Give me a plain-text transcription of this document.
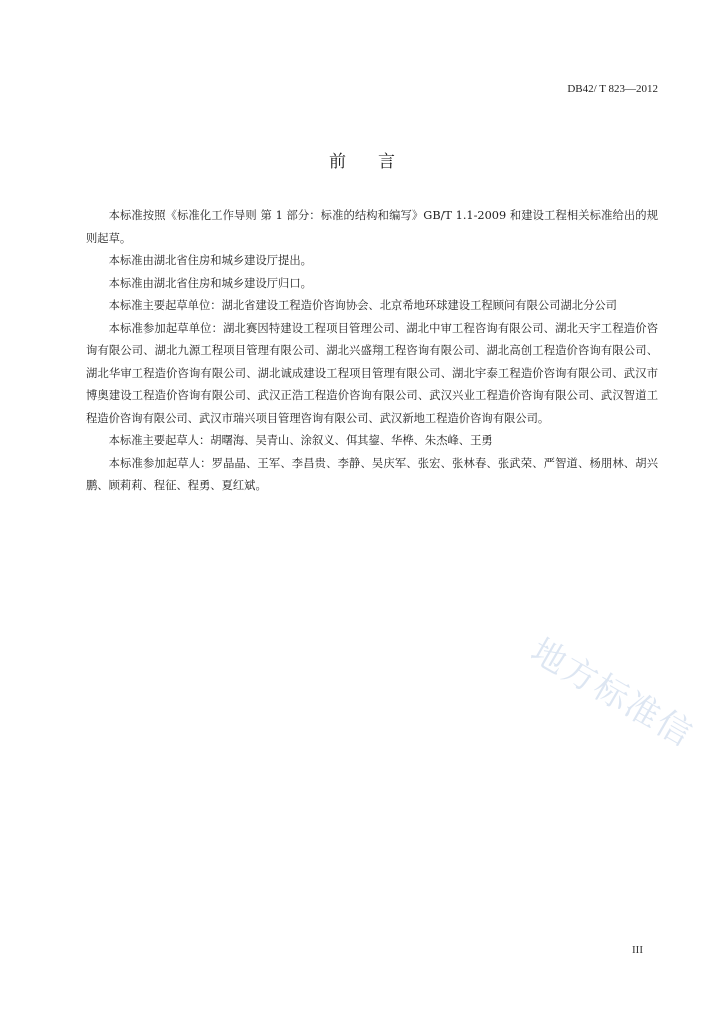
DB42/ T 823—2012
前言

本标准按照《标准化工作导则 第 1 部分：标准的结构和编写》GB/T 1.1-2009 和建设工程相关标准给出的规则起草。

本标准由湖北省住房和城乡建设厅提出。

本标准由湖北省住房和城乡建设厅归口。

本标准主要起草单位：湖北省建设工程造价咨询协会、北京希地环球建设工程顾问有限公司湖北分公司

本标准参加起草单位：湖北赛因特建设工程项目管理公司、湖北中审工程咨询有限公司、湖北天宇工程造价咨询有限公司、湖北九源工程项目管理有限公司、湖北兴盛翔工程咨询有限公司、湖北高创工程造价咨询有限公司、湖北华审工程造价咨询有限公司、湖北诚成建设工程项目管理有限公司、湖北宇泰工程造价咨询有限公司、武汉市博奥建设工程造价咨询有限公司、武汉正浩工程造价咨询有限公司、武汉兴业工程造价咨询有限公司、武汉智道工程造价咨询有限公司、武汉市瑞兴项目管理咨询有限公司、武汉新地工程造价咨询有限公司。

本标准主要起草人：胡曙海、吴青山、涂叙义、佴其鋆、华桦、朱杰峰、王勇

本标准参加起草人：罗晶晶、王军、李昌贵、李静、吴庆军、张宏、张林春、张武荣、严智道、杨朋林、胡兴鹏、顾莉莉、程征、程勇、夏红斌。

地方标准信
III
